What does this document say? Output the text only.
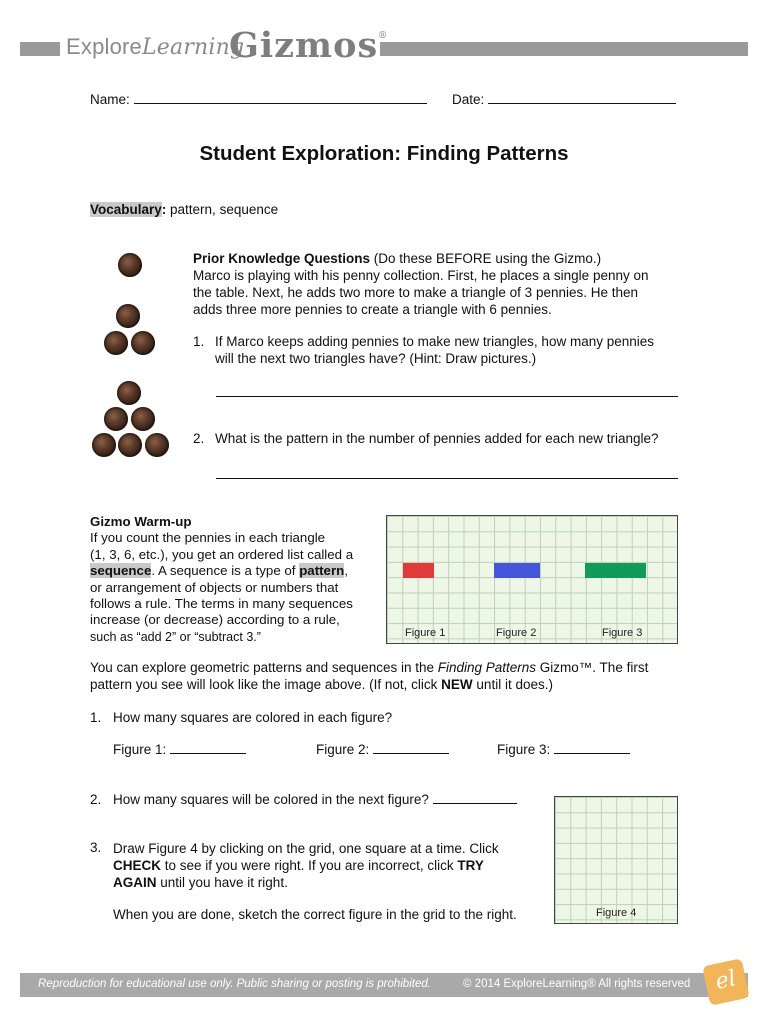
ExploreLearning
Gizmos®
Name:	Date:
Student Exploration: Finding Patterns
Vocabulary: pattern, sequence
Prior Knowledge Questions (Do these BEFORE using the Gizmo.)
Marco is playing with his penny collection. First, he places a single penny on
the table. Next, he adds two more to make a triangle of 3 pennies. He then
adds three more pennies to create a triangle with 6 pennies.
1. If Marco keeps adding pennies to make new triangles, how many pennies
will the next two triangles have? (Hint: Draw pictures.)
2. What is the pattern in the number of pennies added for each new triangle?
Gizmo Warm-up
If you count the pennies in each triangle
(1, 3, 6, etc.), you get an ordered list called a
sequence. A sequence is a type of pattern,
or arrangement of objects or numbers that
follows a rule. The terms in many sequences
increase (or decrease) according to a rule,
such as “add 2” or “subtract 3.”	Figure 1	Figure 2	Figure 3
You can explore geometric patterns and sequences in the Finding Patterns Gizmo™. The first
pattern you see will look like the image above. (If not, click NEW until it does.)
1. How many squares are colored in each figure?
Figure 1:	Figure 2:	Figure 3:
2. How many squares will be colored in the next figure?
3. Draw Figure 4 by clicking on the grid, one square at a time. Click
CHECK to see if you were right. If you are incorrect, click TRY
AGAIN until you have it right.
When you are done, sketch the correct figure in the grid to the right.	Figure 4
Reproduction for educational use only. Public sharing or posting is prohibited.	© 2014 ExploreLearning® All rights reserved	el
